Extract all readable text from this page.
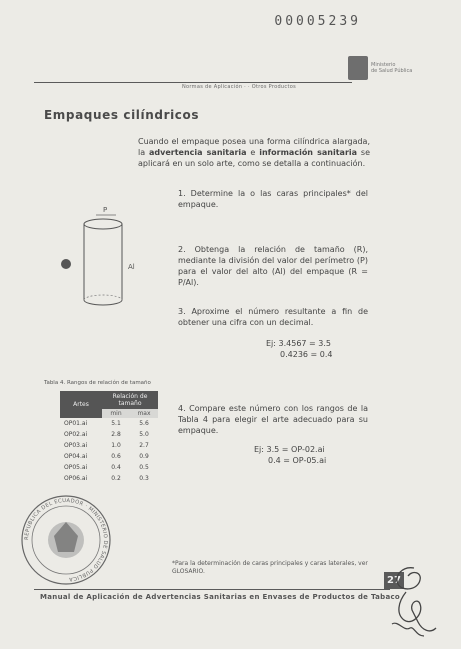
00005239
Ministerio
de Salud Pública
Normas de Aplicación · · Otros Productos
Empaques cilíndricos
Cuando el empaque posea una forma cilíndrica alargada, la advertencia sanitaria e información sanitaria se aplicará en un solo arte, como se detalla a continuación.
P
Al
1. Determine la o las caras principales* del empaque.
2. Obtenga la relación de tamaño (R), mediante la división del valor del perímetro (P) para el valor del alto (Al) del empaque (R = P/Al).
3. Aproxime el número resultante a fin de obtener una cifra con un decimal.
Ej: 3.4567 = 3.5
0.4236 = 0.4
4. Compare este número con los rangos de la Tabla 4 para elegir el arte adecuado para su empaque.
Ej: 3.5 = OP-02.ai
0.4 = OP-05.ai
Tabla 4. Rangos de relación de tamaño
Artes	Relación de tamaño	
	min	max
OP01.ai	5.1	5.6
OP02.ai	2.8	5.0
OP03.ai	1.0	2.7
OP04.ai	0.6	0.9
OP05.ai	0.4	0.5
OP06.ai	0.2	0.3
REPUBLICA DEL ECUADOR · MINISTERIO DE SALUD PUBLICA
*Para la determinación de caras principales y caras laterales, ver GLOSARIO.
27
Manual de Aplicación de Advertencias Sanitarias en Envases de Productos de Tabaco
